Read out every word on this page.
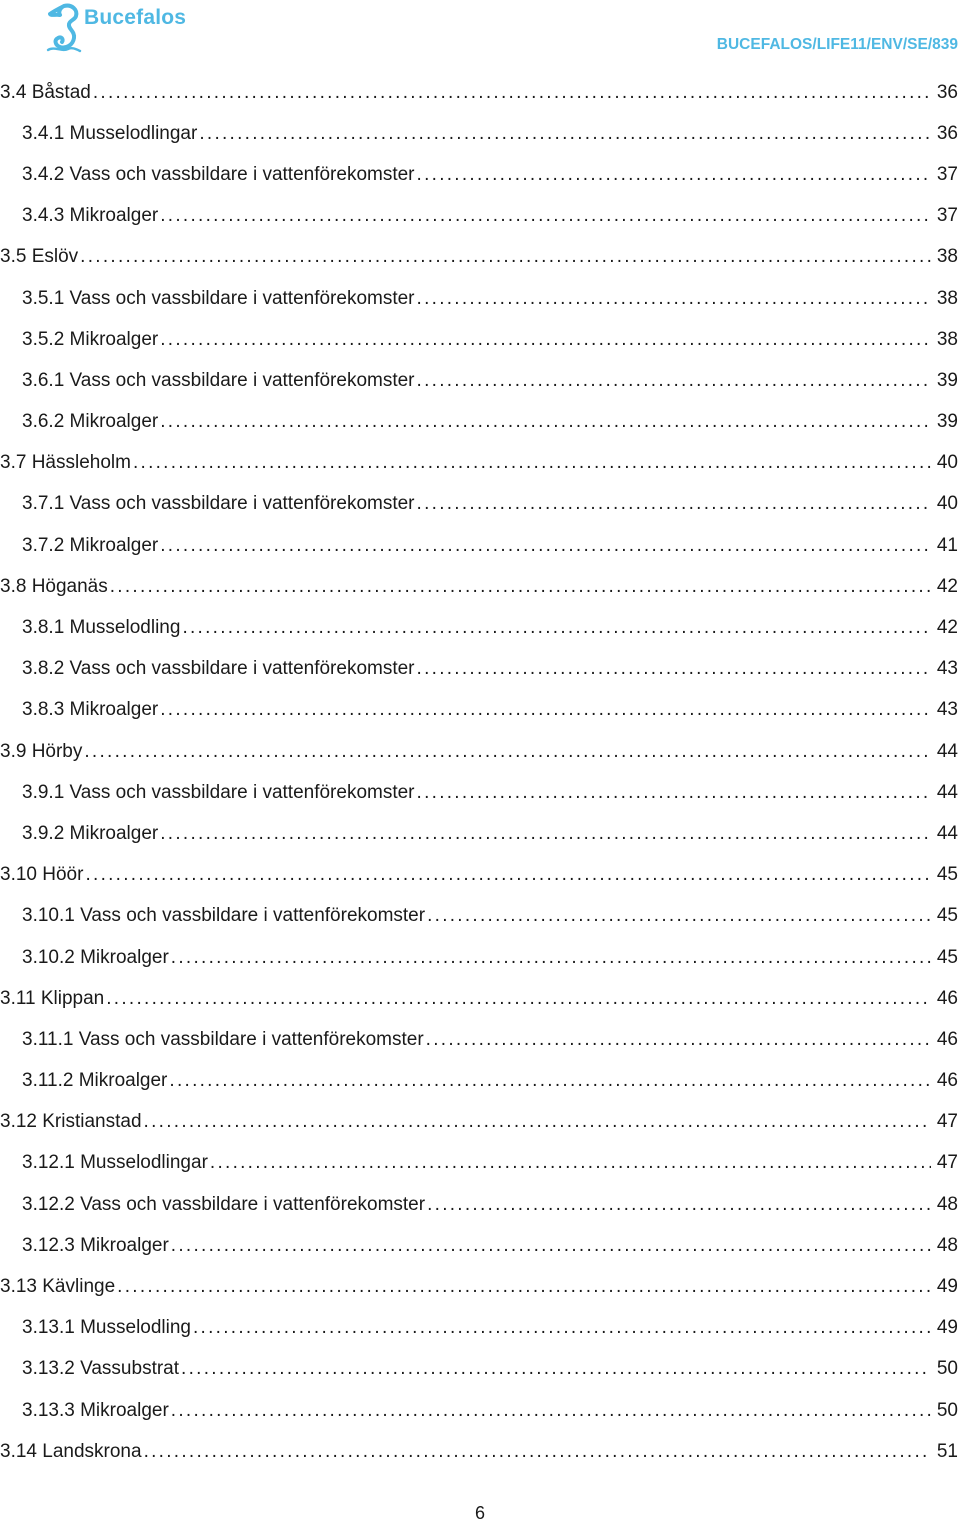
Bucefalos
BUCEFALOS/LIFE11/ENV/SE/839
3.4 Båstad . . .	36
3.4.1 Musselodlingar . . .	36
3.4.2 Vass och vassbildare i vattenförekomster . . .	37
3.4.3 Mikroalger . . .	37
3.5 Eslöv . . .	38
3.5.1 Vass och vassbildare i vattenförekomster . . .	38
3.5.2 Mikroalger . . .	38
3.6.1 Vass och vassbildare i vattenförekomster . . .	39
3.6.2 Mikroalger . . .	39
3.7 Hässleholm . . .	40
3.7.1 Vass och vassbildare i vattenförekomster . . .	40
3.7.2 Mikroalger . . .	41
3.8 Höganäs . . .	42
3.8.1 Musselodling . . .	42
3.8.2 Vass och vassbildare i vattenförekomster . . .	43
3.8.3 Mikroalger . . .	43
3.9 Hörby . . .	44
3.9.1 Vass och vassbildare i vattenförekomster . . .	44
3.9.2 Mikroalger . . .	44
3.10 Höör . . .	45
3.10.1 Vass och vassbildare i vattenförekomster . . .	45
3.10.2 Mikroalger . . .	45
3.11 Klippan . . .	46
3.11.1 Vass och vassbildare i vattenförekomster . . .	46
3.11.2 Mikroalger . . .	46
3.12 Kristianstad . . .	47
3.12.1 Musselodlingar . . .	47
3.12.2 Vass och vassbildare i vattenförekomster . . .	48
3.12.3 Mikroalger . . .	48
3.13 Kävlinge . . .	49
3.13.1 Musselodling . . .	49
3.13.2 Vassubstrat . . .	50
3.13.3 Mikroalger . . .	50
3.14 Landskrona . . .	51
6
